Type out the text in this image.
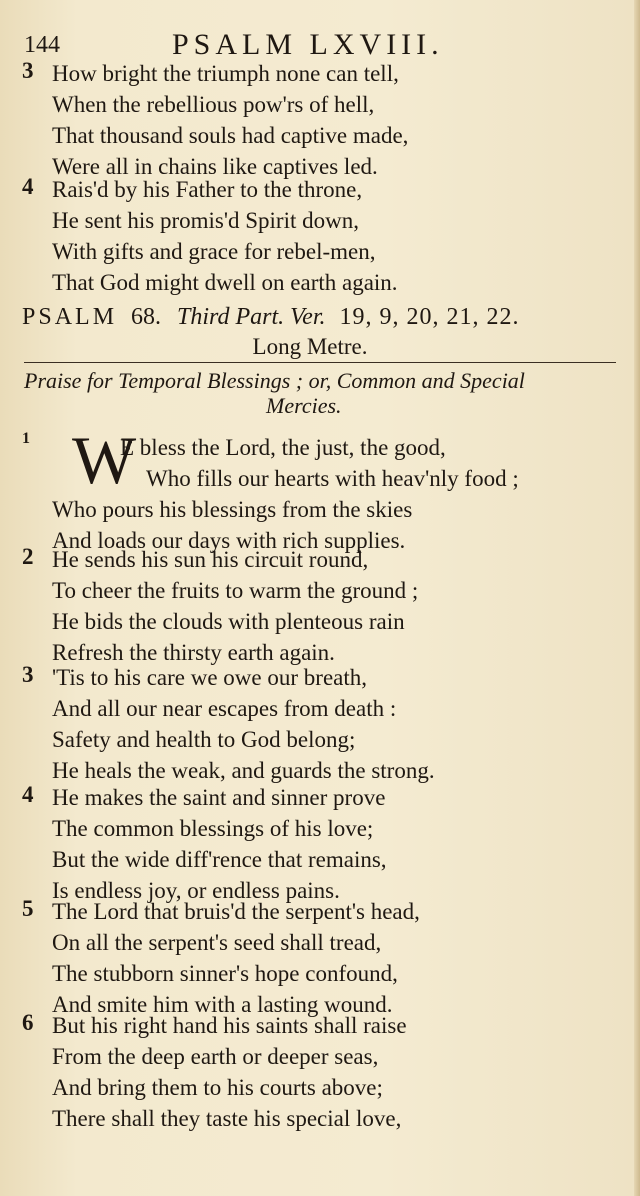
144	PSALM LXVIII.
3 How bright the triumph none can tell,
When the rebellious pow'rs of hell,
That thousand souls had captive made,
Were all in chains like captives led.
4 Rais'd by his Father to the throne,
He sent his promis'd Spirit down,
With gifts and grace for rebel-men,
That God might dwell on earth again.
PSALM 68. Third Part. Ver. 19, 9, 20, 21, 22.
Long Metre.
Praise for Temporal Blessings ; or, Common and Special
Mercies.
1 W
E bless the Lord, the just, the good,
Who fills our hearts with heav'nly food ;
Who pours his blessings from the skies
And loads our days with rich supplies.
2 He sends his sun his circuit round,
To cheer the fruits to warm the ground ;
He bids the clouds with plenteous rain
Refresh the thirsty earth again.
3 'Tis to his care we owe our breath,
And all our near escapes from death :
Safety and health to God belong;
He heals the weak, and guards the strong.
4 He makes the saint and sinner prove
The common blessings of his love;
But the wide diff'rence that remains,
Is endless joy, or endless pains.
5 The Lord that bruis'd the serpent's head,
On all the serpent's seed shall tread,
The stubborn sinner's hope confound,
And smite him with a lasting wound.
6 But his right hand his saints shall raise
From the deep earth or deeper seas,
And bring them to his courts above;
There shall they taste his special love,
